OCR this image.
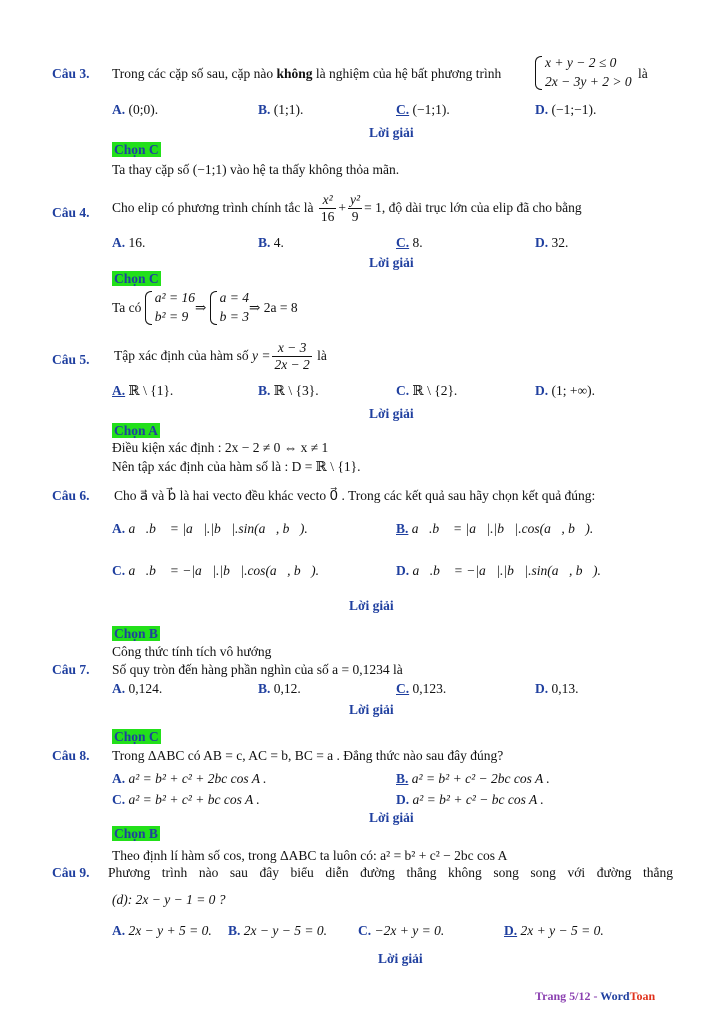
Câu 3. Trong các cặp số sau, cặp nào không là nghiệm của hệ bất phương trình
x + y − 2 ≤ 0
2x − 3y + 2 > 0
là
A. (0;0).	B. (1;1).	C. (−1;1).	D. (−1;−1).
Lời giải
Chọn C
Ta thay cặp số (−1;1) vào hệ ta thấy không thỏa mãn.
Câu 4. Cho elip có phương trình chính tắc là $\frac{\text{x²}}{16} + \frac{\text{y²}}{9} = 1$, độ dài trục lớn của elip đã cho bằng
A. 16.	B. 4.	C. 8.	D. 32.
Lời giải
Chọn C
Ta có a² = 16
b² = 9⇒ a = 4
b = 3⇒ 2a = 8
Câu 5. Tập xác định của hàm số $y = \frac{x - 3}{2x - 2}$ là
A. ℝ \ {1}.	B. ℝ \ {3}.	C. ℝ \ {2}.	D. (1; +∞).
Lời giải
Chọn A
Điều kiện xác định : 2x − 2 ≠ 0 ⇔ x ≠ 1
Nên tập xác định của hàm số là : D = ℝ \ {1}.
Câu 6. Cho a⃗ và b⃗ là hai vecto đều khác vecto 0⃗ . Trong các kết quả sau hãy chọn kết quả đúng:
A. a⃗.b⃗ = |a⃗|.|b⃗|.sin(a⃗, b⃗).	B. a⃗.b⃗ = |a⃗|.|b⃗|.cos(a⃗, b⃗).
C. a⃗.b⃗ = −|a⃗|.|b⃗|.cos(a⃗, b⃗).	D. a⃗.b⃗ = −|a⃗|.|b⃗|.sin(a⃗, b⃗).
Lời giải
Chọn B
Công thức tính tích vô hướng
Câu 7. Số quy tròn đến hàng phần nghìn của số a = 0,1234 là
A. 0,124.	B. 0,12.	C. 0,123.	D. 0,13.
Lời giải
Chọn C
Câu 8. Trong ΔABC có AB = c, AC = b, BC = a . Đẳng thức nào sau đây đúng?
A. a² = b² + c² + 2bc cos A .	B. a² = b² + c² − 2bc cos A .
C. a² = b² + c² + bc cos A .	D. a² = b² + c² − bc cos A .
Lời giải
Chọn B
Theo định lí hàm số cos, trong ΔABC ta luôn có: a² = b² + c² − 2bc cos A
Câu 9. Phương trình nào sau đây biểu diễn đường thẳng không song song với đường thẳng
(d): 2x − y − 1 = 0 ?
A. 2x − y + 5 = 0. B. 2x − y − 5 = 0. C. −2x + y = 0.	D. 2x + y − 5 = 0.
Lời giải
Trang 5/12 - WordToan
